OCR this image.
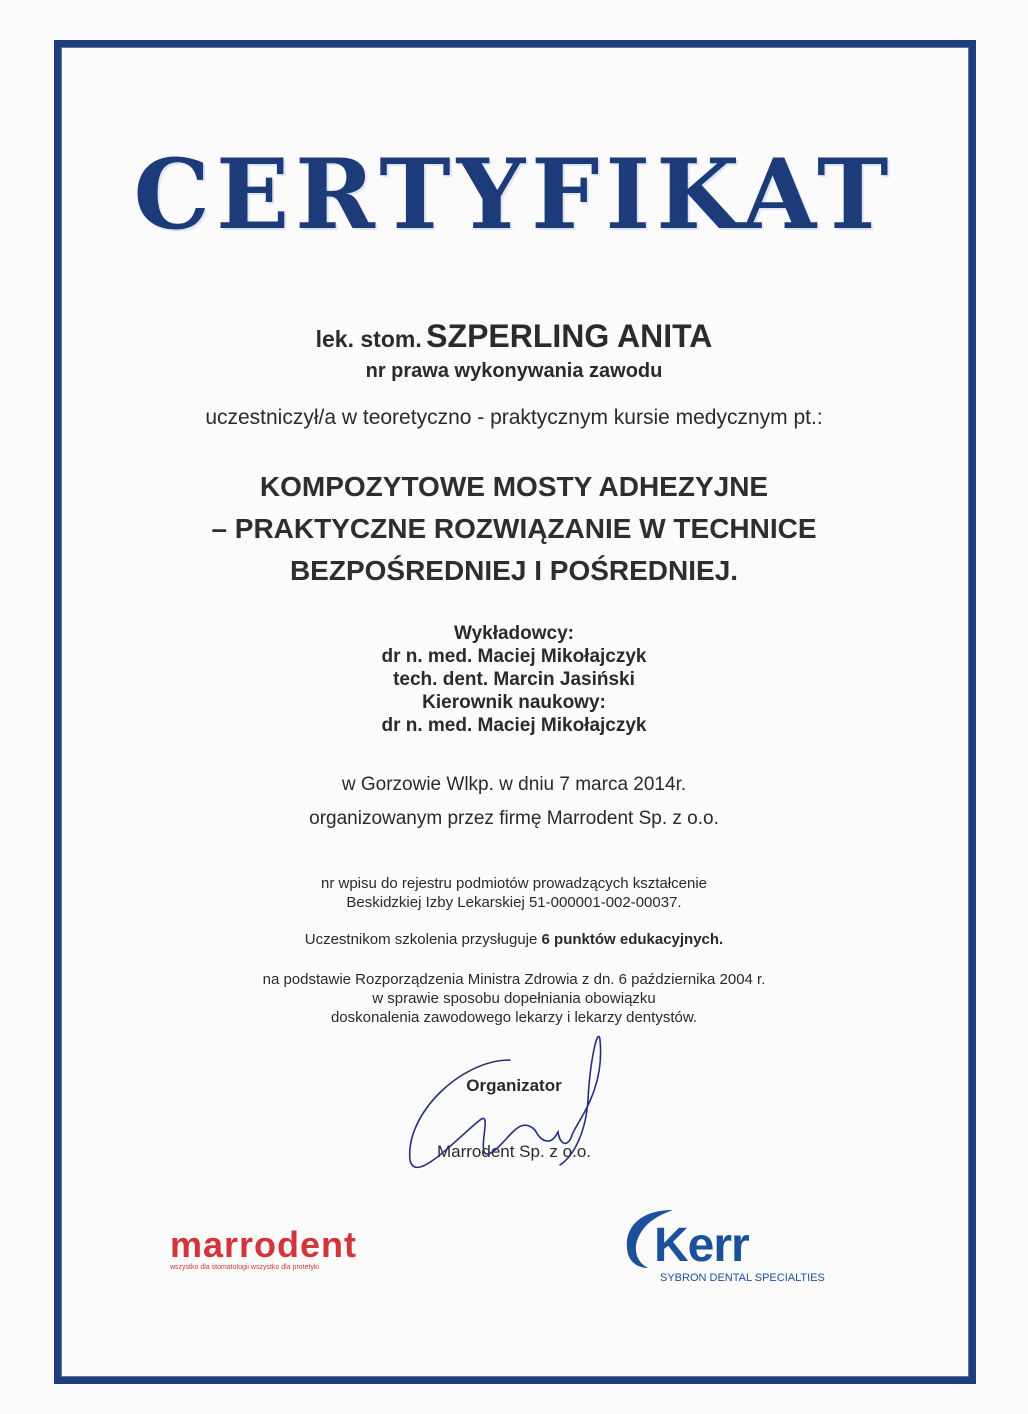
CERTYFIKAT
lek. stom. SZPERLING ANITA
nr prawa wykonywania zawodu
uczestniczył/a w teoretyczno - praktycznym kursie medycznym pt.:
KOMPOZYTOWE MOSTY ADHEZYJNE
– PRAKTYCZNE ROZWIĄZANIE W TECHNICE
BEZPOŚREDNIEJ I POŚREDNIEJ.
Wykładowcy:
dr n. med. Maciej Mikołajczyk
tech. dent. Marcin Jasiński
Kierownik naukowy:
dr n. med. Maciej Mikołajczyk
w Gorzowie Wlkp. w dniu 7 marca 2014r.
organizowanym przez firmę Marrodent Sp. z o.o.
nr wpisu do rejestru podmiotów prowadzących kształcenie
Beskidzkiej Izby Lekarskiej 51-000001-002-00037.
Uczestnikom szkolenia przysługuje 6 punktów edukacyjnych.
na podstawie Rozporządzenia Ministra Zdrowia z dn. 6 października 2004 r.
w sprawie sposobu dopełniania obowiązku
doskonalenia zawodowego lekarzy i lekarzy dentystów.
Organizator
Marrodent Sp. z o.o.
marrodent
wszystko dla stomatologii wszystko dla protetyki	Kerr
SYBRON DENTAL SPECIALTIES
